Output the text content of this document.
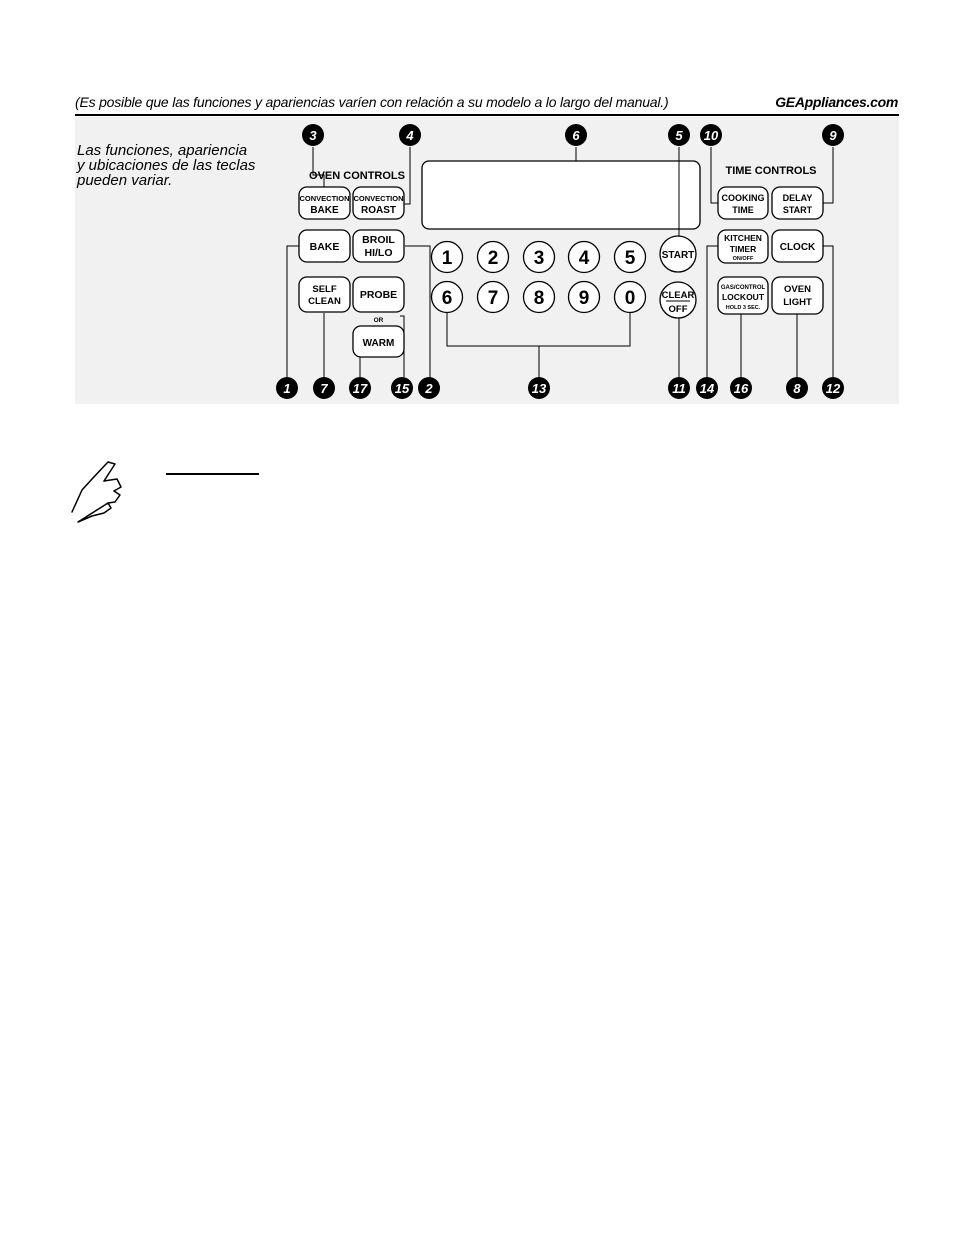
(Es posible que las funciones y apariencias varíen con relación a su modelo a lo largo del manual.)	GEAppliances.com
Las funciones, apariencia
y ubicaciones de las teclas
pueden variar.	OVEN CONTROLS	TIME CONTROLS
CONVECTION
BAKE
CONVECTION
ROAST
BAKE
BROIL
HI/LO
SELF
CLEAN
PROBE
OR
WARM
1 2 3 4 5
6 7 8 9 0
START
CLEAR
OFF
COOKING
TIME
DELAY
START
KITCHEN
TIMER
ON/OFF
CLOCK
GAS/CONTROL
LOCKOUT
HOLD 3 SEC.
OVEN
LIGHT
3	4	6	5 10	9
1 7 17 15 2	13	11 14 16	8 12
